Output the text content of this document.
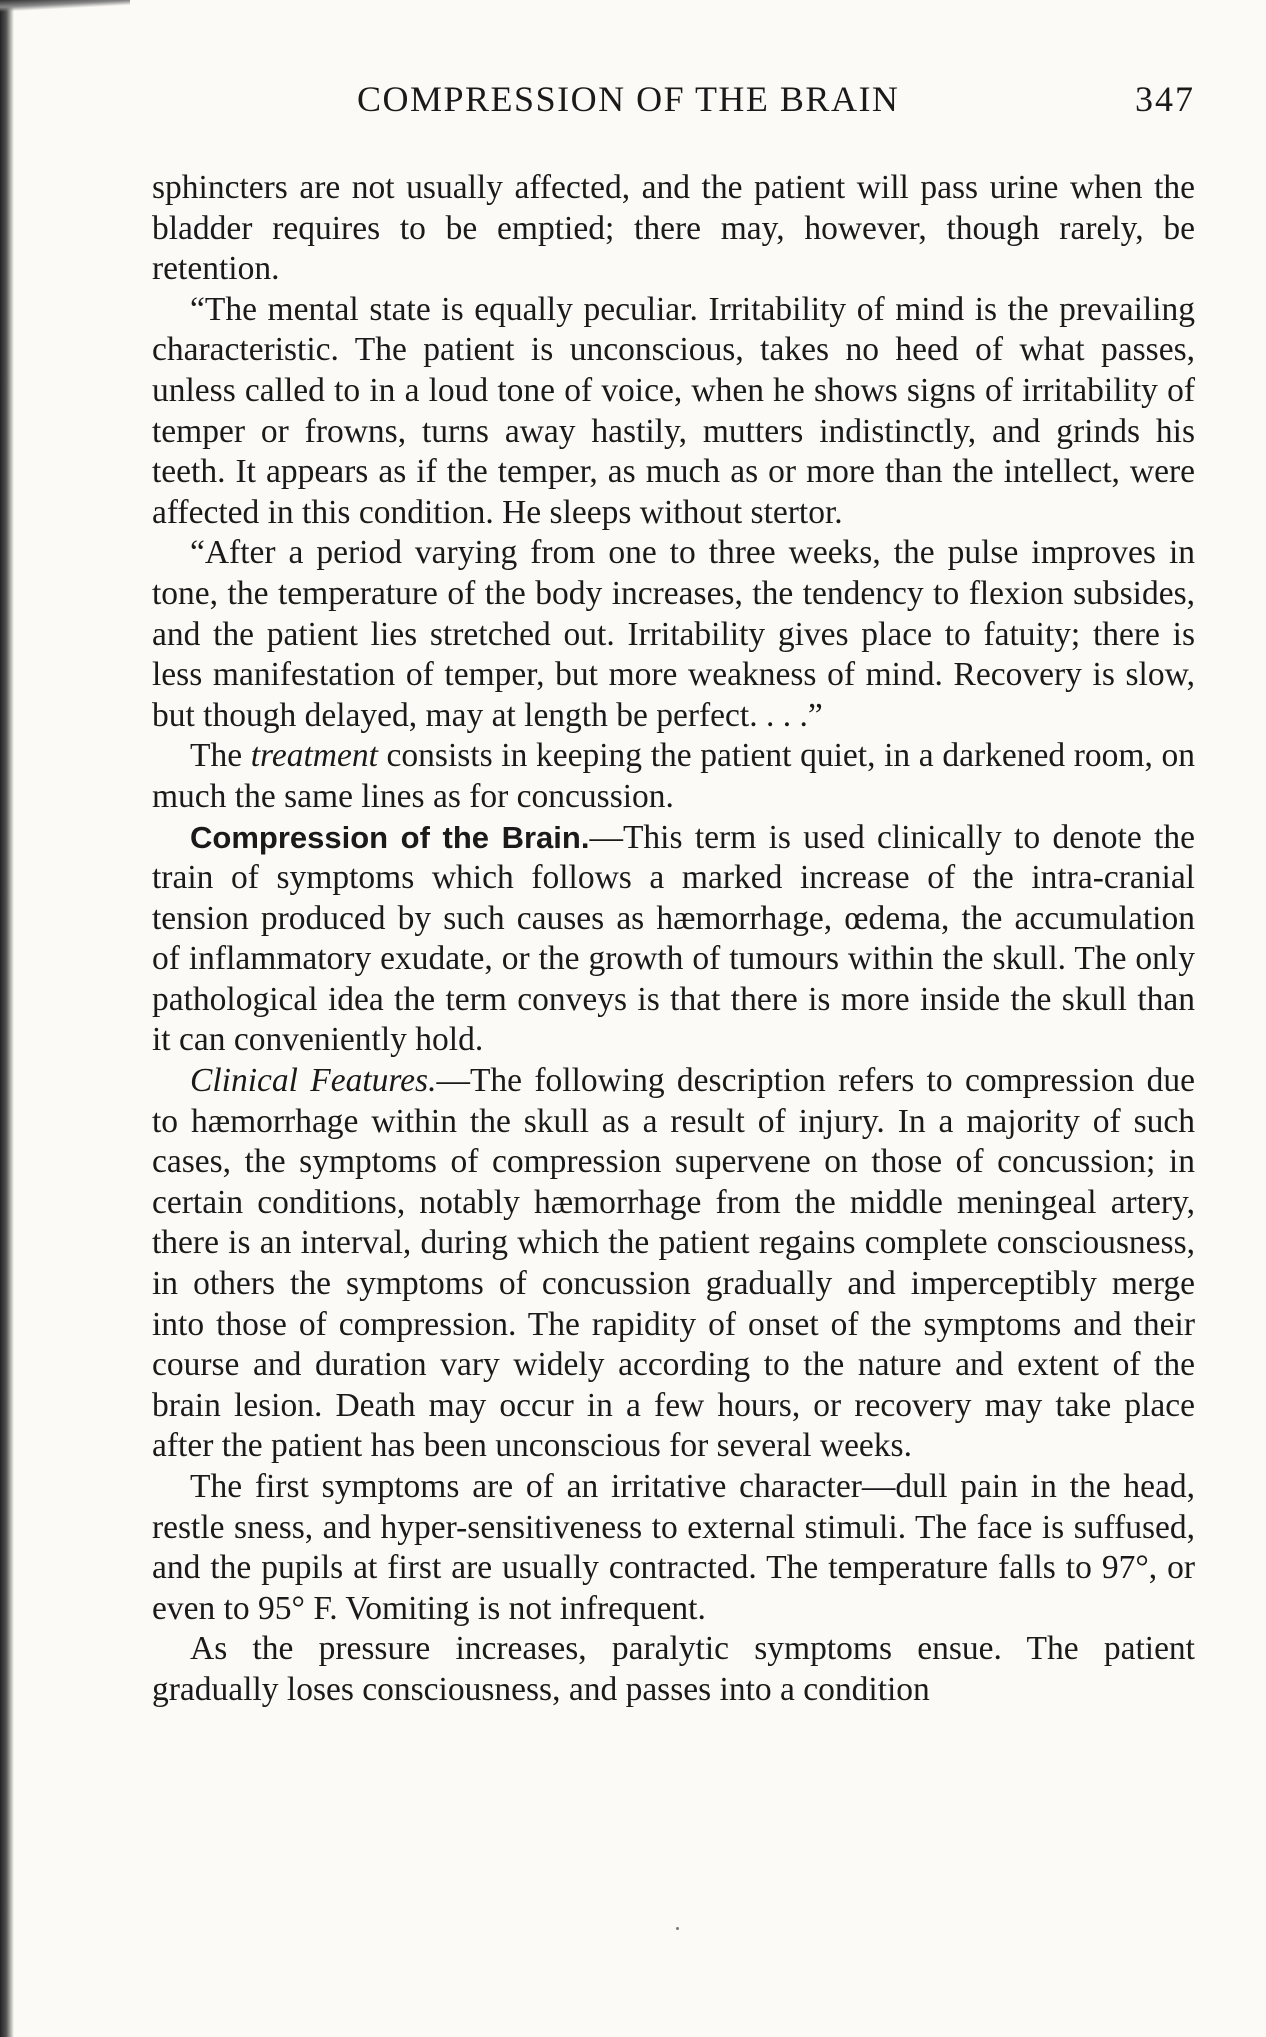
COMPRESSION OF THE BRAIN	347

sphincters are not usually affected, and the patient will pass urine when the bladder requires to be emptied; there may, however, though rarely, be retention.

“The mental state is equally peculiar. Irritability of mind is the prevailing characteristic. The patient is unconscious, takes no heed of what passes, unless called to in a loud tone of voice, when he shows signs of irritability of temper or frowns, turns away hastily, mutters indistinctly, and grinds his teeth. It appears as if the temper, as much as or more than the intellect, were affected in this condition. He sleeps without stertor.

“After a period varying from one to three weeks, the pulse improves in tone, the temperature of the body increases, the tendency to flexion subsides, and the patient lies stretched out. Irritability gives place to fatuity; there is less manifestation of temper, but more weakness of mind. Recovery is slow, but though delayed, may at length be perfect. . . .”

The treatment consists in keeping the patient quiet, in a darkened room, on much the same lines as for concussion.

Compression of the Brain.—This term is used clinically to denote the train of symptoms which follows a marked increase of the intra-cranial tension produced by such causes as hæmorrhage, œdema, the accumulation of inflammatory exudate, or the growth of tumours within the skull. The only pathological idea the term conveys is that there is more inside the skull than it can conveniently hold.

Clinical Features.—The following description refers to compression due to hæmorrhage within the skull as a result of injury. In a majority of such cases, the symptoms of compression supervene on those of concussion; in certain conditions, notably hæmorrhage from the middle meningeal artery, there is an interval, during which the patient regains complete consciousness, in others the symptoms of concussion gradually and imperceptibly merge into those of compression. The rapidity of onset of the symptoms and their course and duration vary widely according to the nature and extent of the brain lesion. Death may occur in a few hours, or recovery may take place after the patient has been unconscious for several weeks.

The first symptoms are of an irritative character—dull pain in the head, restle sness, and hyper-sensitiveness to external stimuli. The face is suffused, and the pupils at first are usually contracted. The temperature falls to 97°, or even to 95° F. Vomiting is not infrequent.

As the pressure increases, paralytic symptoms ensue. The patient gradually loses consciousness, and passes into a condition
